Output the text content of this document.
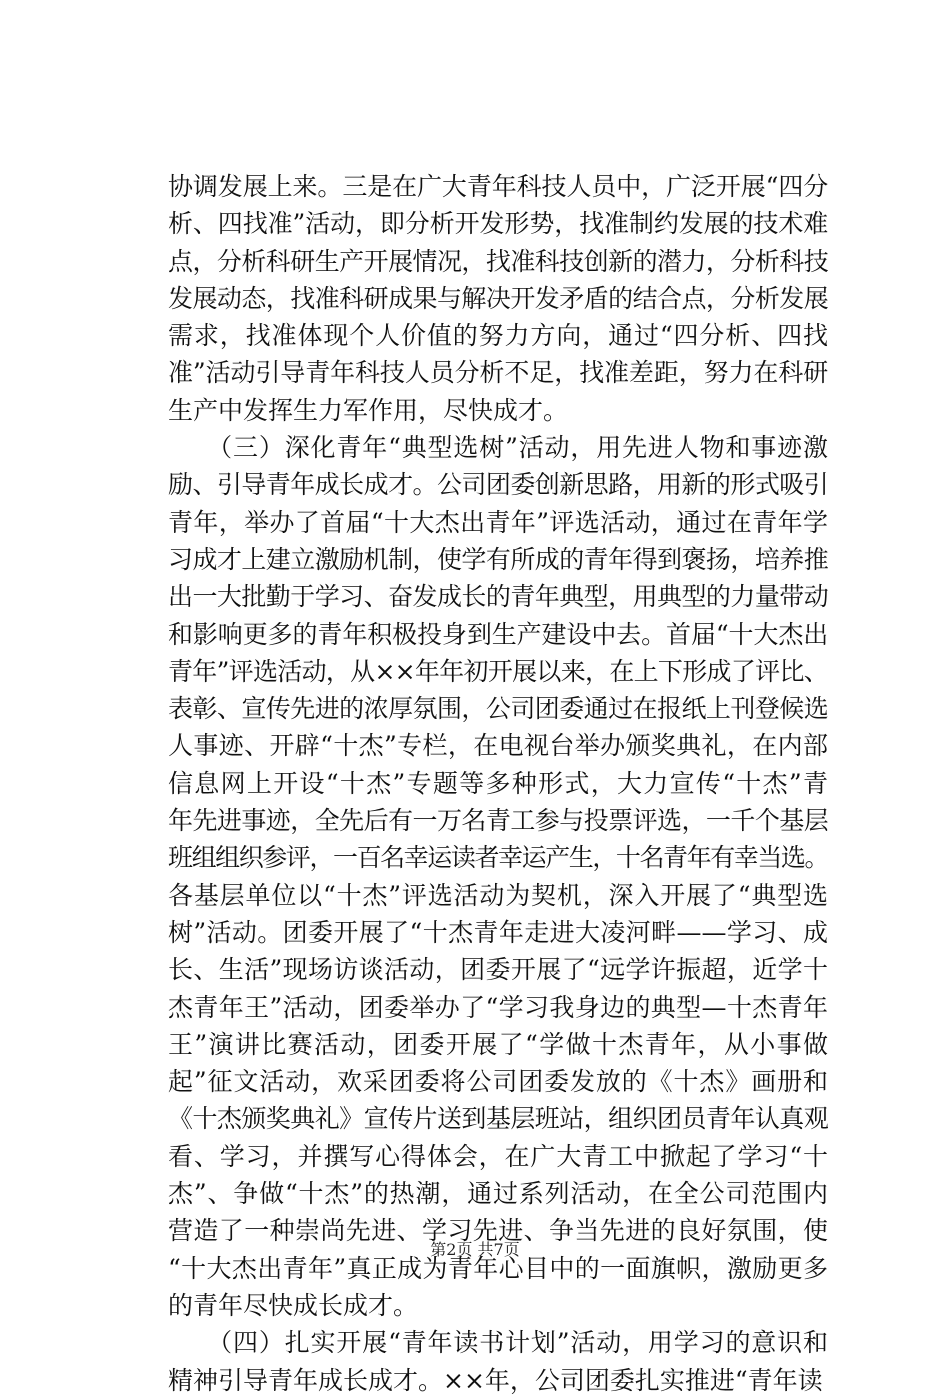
协调发展上来。三是在广大青年科技人员中，广泛开展“四分
析、四找准”活动，即分析开发形势，找准制约发展的技术难
点，分析科研生产开展情况，找准科技创新的潜力，分析科技
发展动态，找准科研成果与解决开发矛盾的结合点，分析发展
需求，找准体现个人价值的努力方向，通过“四分析、四找
准”活动引导青年科技人员分析不足，找准差距，努力在科研
生产中发挥生力军作用，尽快成才。
　　（三）深化青年“典型选树”活动，用先进人物和事迹激
励、引导青年成长成才。公司团委创新思路，用新的形式吸引
青年，举办了首届“十大杰出青年”评选活动，通过在青年学
习成才上建立激励机制，使学有所成的青年得到褒扬，培养推
出一大批勤于学习、奋发成长的青年典型，用典型的力量带动
和影响更多的青年积极投身到生产建设中去。首届“十大杰出
青年”评选活动，从××年年初开展以来，在上下形成了评比、
表彰、宣传先进的浓厚氛围，公司团委通过在报纸上刊登候选
人事迹、开辟“十杰”专栏，在电视台举办颁奖典礼，在内部
信息网上开设“十杰”专题等多种形式，大力宣传“十杰”青
年先进事迹，全先后有一万名青工参与投票评选，一千个基层
班组组织参评，一百名幸运读者幸运产生，十名青年有幸当选。
各基层单位以“十杰”评选活动为契机，深入开展了“典型选
树”活动。团委开展了“十杰青年走进大凌河畔——学习、成
长、生活”现场访谈活动，团委开展了“远学许振超，近学十
杰青年王”活动，团委举办了“学习我身边的典型—十杰青年
王”演讲比赛活动，团委开展了“学做十杰青年，从小事做
起”征文活动，欢采团委将公司团委发放的《十杰》画册和
《十杰颁奖典礼》宣传片送到基层班站，组织团员青年认真观
看、学习，并撰写心得体会，在广大青工中掀起了学习“十
杰”、争做“十杰”的热潮，通过系列活动，在全公司范围内
营造了一种崇尚先进、学习先进、争当先进的良好氛围，使
“十大杰出青年”真正成为青年心目中的一面旗帜，激励更多
的青年尽快成长成才。
　　（四）扎实开展“青年读书计划”活动，用学习的意识和
精神引导青年成长成才。××年，公司团委扎实推进“青年读
第2页 共7页
